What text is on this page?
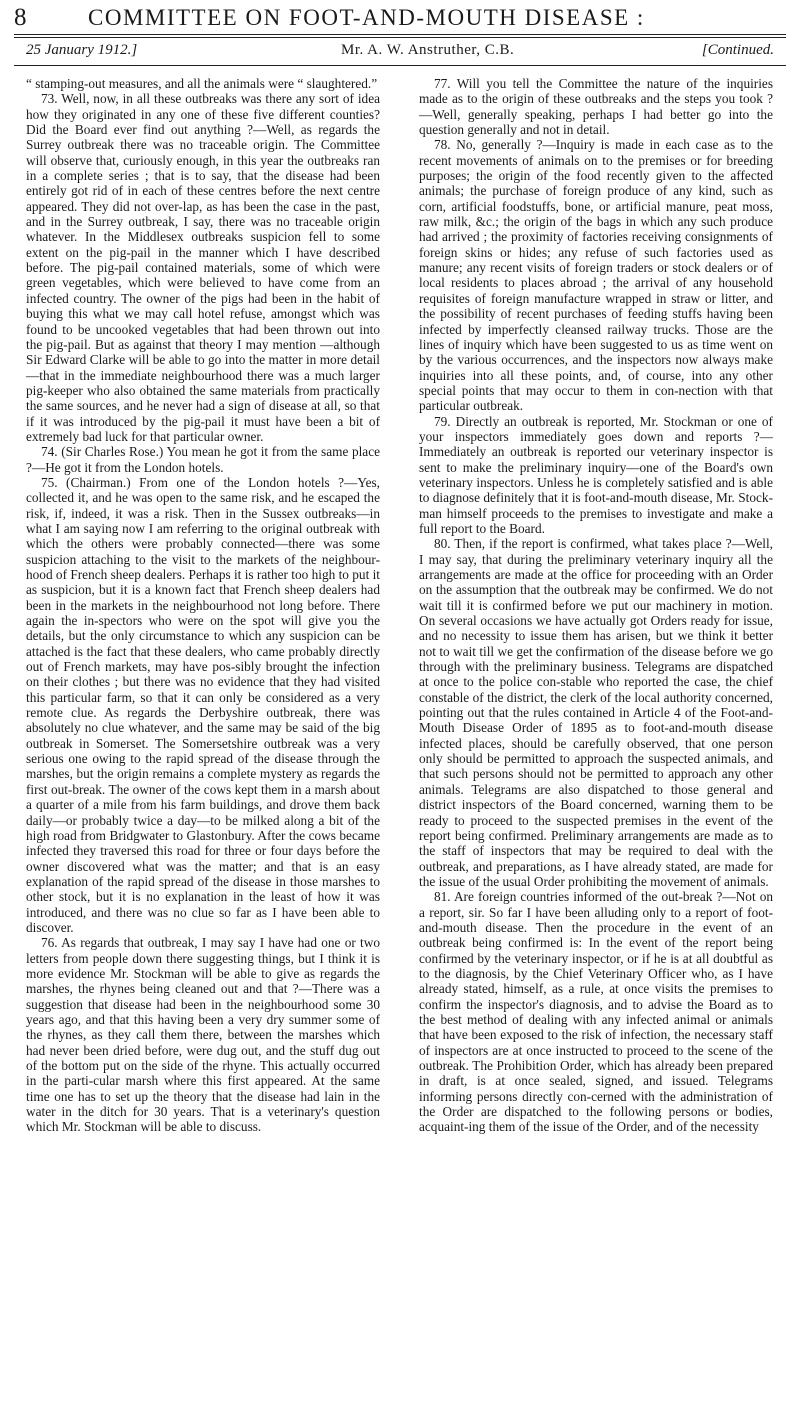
8	COMMITTEE ON FOOT-AND-MOUTH DISEASE :
25 January 1912.]	Mr. A. W. Anstruther, C.B.	[Continued.

“ stamping-out measures, and all the animals were “ slaughtered.”

73. Well, now, in all these outbreaks was there any sort of idea how they originated in any one of these five different counties? Did the Board ever find out anything ?—Well, as regards the Surrey outbreak there was no traceable origin. The Committee will observe that, curiously enough, in this year the outbreaks ran in a complete series ; that is to say, that the disease had been entirely got rid of in each of these centres before the next centre appeared. They did not over-lap, as has been the case in the past, and in the Surrey outbreak, I say, there was no traceable origin whatever. In the Middlesex outbreaks suspicion fell to some extent on the pig-pail in the manner which I have described before. The pig-pail contained materials, some of which were green vegetables, which were believed to have come from an infected country. The owner of the pigs had been in the habit of buying this what we may call hotel refuse, amongst which was found to be uncooked vegetables that had been thrown out into the pig-pail. But as against that theory I may mention —although Sir Edward Clarke will be able to go into the matter in more detail—that in the immediate neighbourhood there was a much larger pig-keeper who also obtained the same materials from practically the same sources, and he never had a sign of disease at all, so that if it was introduced by the pig-pail it must have been a bit of extremely bad luck for that particular owner.

74. (Sir Charles Rose.) You mean he got it from the same place ?—He got it from the London hotels.

75. (Chairman.) From one of the London hotels ?—Yes, collected it, and he was open to the same risk, and he escaped the risk, if, indeed, it was a risk. Then in the Sussex outbreaks—in what I am saying now I am referring to the original outbreak with which the others were probably connected—there was some suspicion attaching to the visit to the markets of the neighbour-hood of French sheep dealers. Perhaps it is rather too high to put it as suspicion, but it is a known fact that French sheep dealers had been in the markets in the neighbourhood not long before. There again the in-spectors who were on the spot will give you the details, but the only circumstance to which any suspicion can be attached is the fact that these dealers, who came probably directly out of French markets, may have pos-sibly brought the infection on their clothes ; but there was no evidence that they had visited this particular farm, so that it can only be considered as a very remote clue. As regards the Derbyshire outbreak, there was absolutely no clue whatever, and the same may be said of the big outbreak in Somerset. The Somersetshire outbreak was a very serious one owing to the rapid spread of the disease through the marshes, but the origin remains a complete mystery as regards the first out-break. The owner of the cows kept them in a marsh about a quarter of a mile from his farm buildings, and drove them back daily—or probably twice a day—to be milked along a bit of the high road from Bridgwater to Glastonbury. After the cows became infected they traversed this road for three or four days before the owner discovered what was the matter; and that is an easy explanation of the rapid spread of the disease in those marshes to other stock, but it is no explanation in the least of how it was introduced, and there was no clue so far as I have been able to discover.

76. As regards that outbreak, I may say I have had one or two letters from people down there suggesting things, but I think it is more evidence Mr. Stockman will be able to give as regards the marshes, the rhynes being cleaned out and that ?—There was a suggestion that disease had been in the neighbourhood some 30 years ago, and that this having been a very dry summer some of the rhynes, as they call them there, between the marshes which had never been dried before, were dug out, and the stuff dug out of the bottom put on the side of the rhyne. This actually occurred in the parti-cular marsh where this first appeared. At the same time one has to set up the theory that the disease had lain in the water in the ditch for 30 years. That is a veterinary's question which Mr. Stockman will be able to discuss.

77. Will you tell the Committee the nature of the inquiries made as to the origin of these outbreaks and the steps you took ?—Well, generally speaking, perhaps I had better go into the question generally and not in detail.

78. No, generally ?—Inquiry is made in each case as to the recent movements of animals on to the premises or for breeding purposes; the origin of the food recently given to the affected animals; the purchase of foreign produce of any kind, such as corn, artificial foodstuffs, bone, or artificial manure, peat moss, raw milk, &c.; the origin of the bags in which any such produce had arrived ; the proximity of factories receiving consignments of foreign skins or hides; any refuse of such factories used as manure; any recent visits of foreign traders or stock dealers or of local residents to places abroad ; the arrival of any household requisites of foreign manufacture wrapped in straw or litter, and the possibility of recent purchases of feeding stuffs having been infected by imperfectly cleansed railway trucks. Those are the lines of inquiry which have been suggested to us as time went on by the various occurrences, and the inspectors now always make inquiries into all these points, and, of course, into any other special points that may occur to them in con-nection with that particular outbreak.

79. Directly an outbreak is reported, Mr. Stockman or one of your inspectors immediately goes down and reports ?—Immediately an outbreak is reported our veterinary inspector is sent to make the preliminary inquiry—one of the Board's own veterinary inspectors. Unless he is completely satisfied and is able to diagnose definitely that it is foot-and-mouth disease, Mr. Stock-man himself proceeds to the premises to investigate and make a full report to the Board.

80. Then, if the report is confirmed, what takes place ?—Well, I may say, that during the preliminary veterinary inquiry all the arrangements are made at the office for proceeding with an Order on the assumption that the outbreak may be confirmed. We do not wait till it is confirmed before we put our machinery in motion. On several occasions we have actually got Orders ready for issue, and no necessity to issue them has arisen, but we think it better not to wait till we get the confirmation of the disease before we go through with the preliminary business. Telegrams are dispatched at once to the police con-stable who reported the case, the chief constable of the district, the clerk of the local authority concerned, pointing out that the rules contained in Article 4 of the Foot-and-Mouth Disease Order of 1895 as to foot-and-mouth disease infected places, should be carefully observed, that one person only should be permitted to approach the suspected animals, and that such persons should not be permitted to approach any other animals. Telegrams are also dispatched to those general and district inspectors of the Board concerned, warning them to be ready to proceed to the suspected premises in the event of the report being confirmed. Preliminary arrangements are made as to the staff of inspectors that may be required to deal with the outbreak, and preparations, as I have already stated, are made for the issue of the usual Order prohibiting the movement of animals.

81. Are foreign countries informed of the out-break ?—Not on a report, sir. So far I have been alluding only to a report of foot-and-mouth disease. Then the procedure in the event of an outbreak being confirmed is: In the event of the report being confirmed by the veterinary inspector, or if he is at all doubtful as to the diagnosis, by the Chief Veterinary Officer who, as I have already stated, himself, as a rule, at once visits the premises to confirm the inspector's diagnosis, and to advise the Board as to the best method of dealing with any infected animal or animals that have been exposed to the risk of infection, the necessary staff of inspectors are at once instructed to proceed to the scene of the outbreak. The Prohibition Order, which has already been prepared in draft, is at once sealed, signed, and issued. Telegrams informing persons directly con-cerned with the administration of the Order are dispatched to the following persons or bodies, acquaint-ing them of the issue of the Order, and of the necessity
